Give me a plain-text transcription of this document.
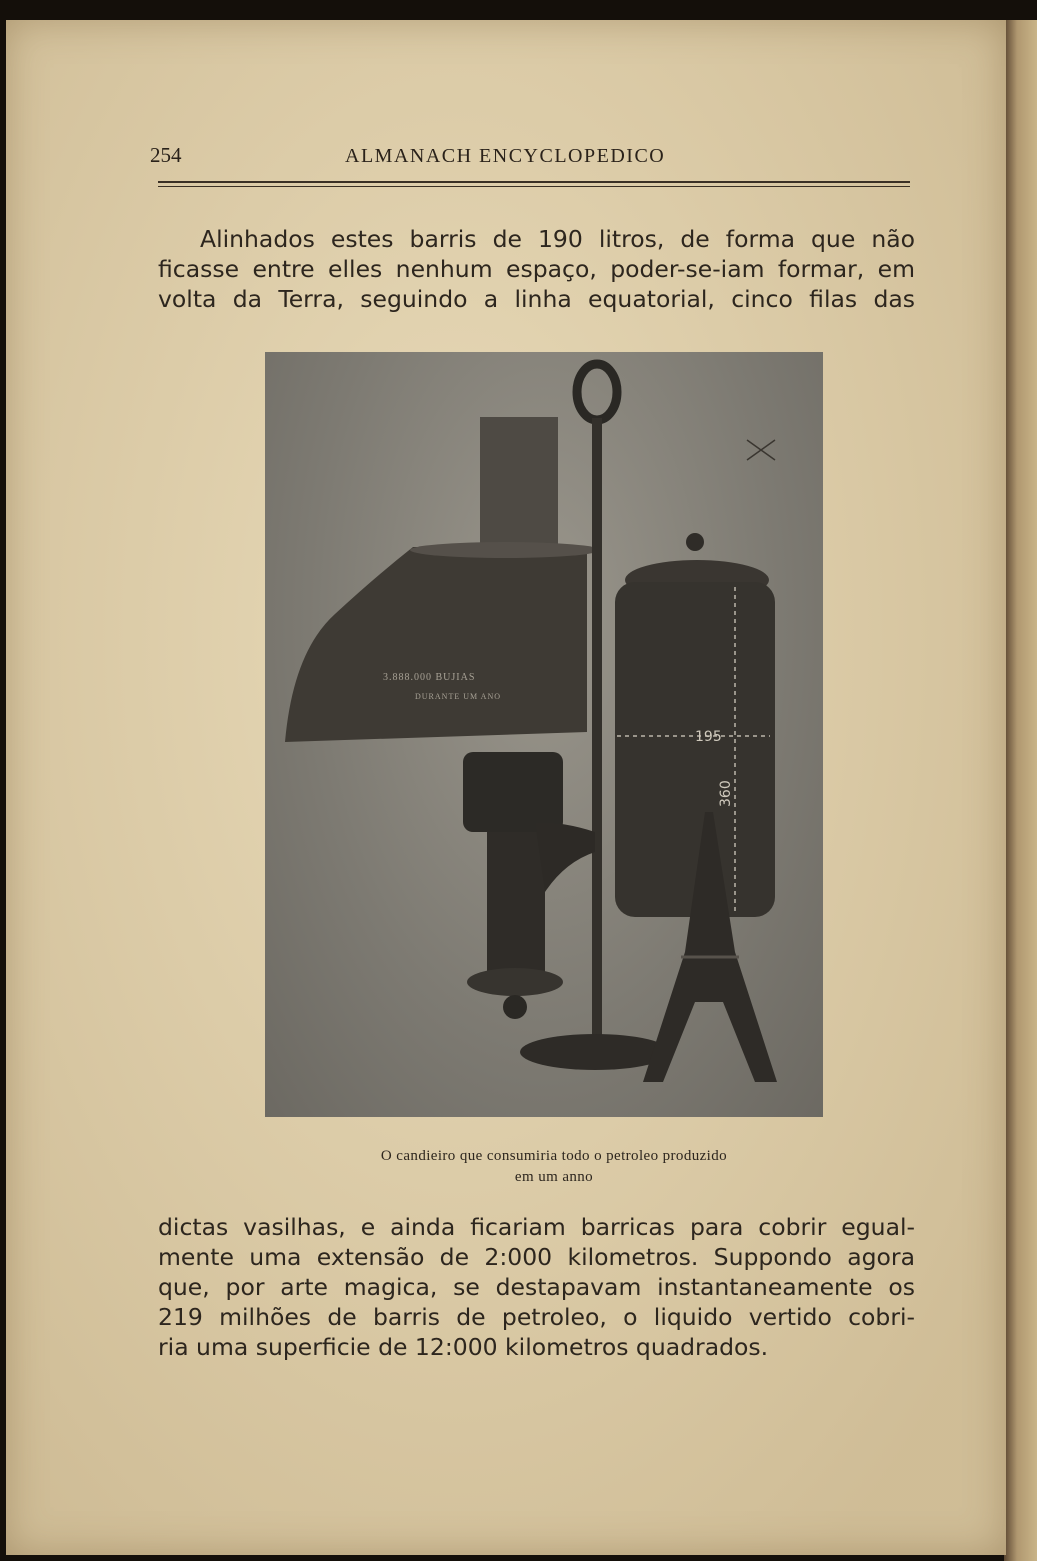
254	ALMANACH ENCYCLOPEDICO

Alinhados estes barris de 190 litros, de forma que não
ficasse entre elles nenhum espaço, poder-se-iam formar, em
volta da Terra, seguindo a linha equatorial, cinco filas das

3.888.000 BUJIAS
DURANTE UM ANO
195
360
O candieiro que consumiria todo o petroleo produzido
em um anno

dictas vasilhas, e ainda ficariam barricas para cobrir egual-
mente uma extensão de 2:000 kilometros. Suppondo agora
que, por arte magica, se destapavam instantaneamente os
219 milhões de barris de petroleo, o liquido vertido cobri-
ria uma superficie de 12:000 kilometros quadrados.
